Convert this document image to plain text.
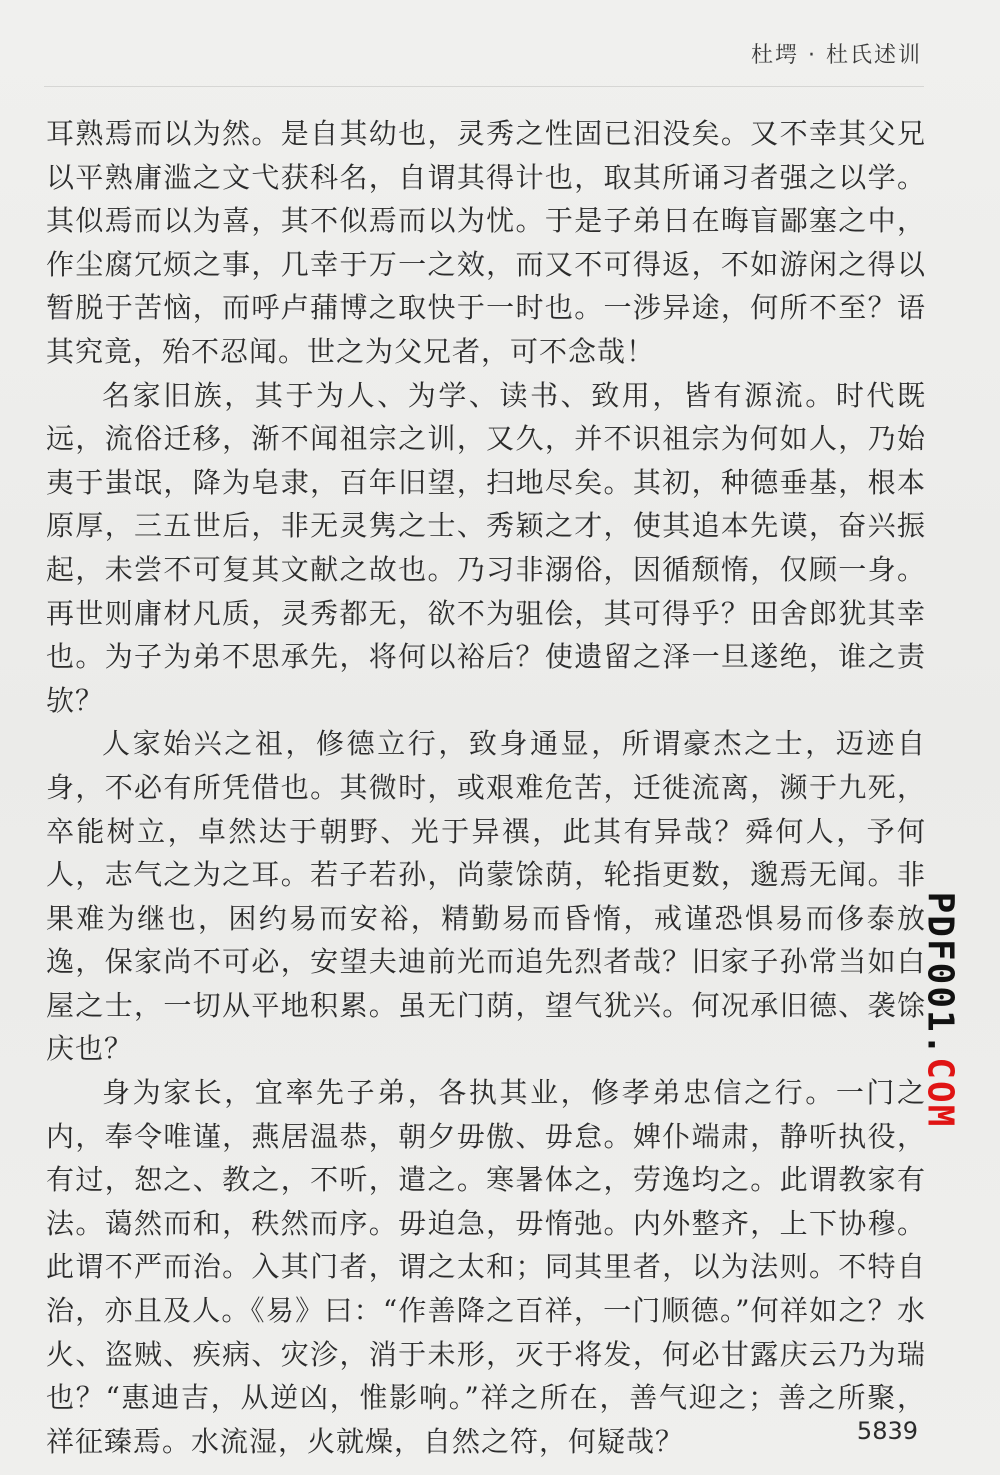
杜堮 · 杜氏述训

耳熟焉而以为然。是自其幼也，灵秀之性固已汨没矣。又不幸其父兄以平熟庸滥之文弋获科名，自谓其得计也，取其所诵习者强之以学。其似焉而以为喜，其不似焉而以为忧。于是子弟日在晦盲鄙塞之中，作尘腐冗烦之事，几幸于万一之效，而又不可得返，不如游闲之得以暂脱于苦恼，而呼卢蒱博之取快于一时也。一涉异途，何所不至？语其究竟，殆不忍闻。世之为父兄者，可不念哉！

名家旧族，其于为人、为学、读书、致用，皆有源流。时代既远，流俗迁移，渐不闻祖宗之训，又久，并不识祖宗为何如人，乃始夷于蚩氓，降为皂隶，百年旧望，扫地尽矣。其初，种德垂基，根本原厚，三五世后，非无灵隽之士、秀颖之才，使其追本先谟，奋兴振起，未尝不可复其文献之故也。乃习非溺俗，因循颓惰，仅顾一身。再世则庸材凡质，灵秀都无，欲不为驵侩，其可得乎？田舍郎犹其幸也。为子为弟不思承先，将何以裕后？使遗留之泽一旦遂绝，谁之责欤？

人家始兴之祖，修德立行，致身通显，所谓豪杰之士，迈迹自身，不必有所凭借也。其微时，或艰难危苦，迁徙流离，濒于九死，卒能树立，卓然达于朝野、光于异禩，此其有异哉？舜何人，予何人，志气之为之耳。若子若孙，尚蒙馀荫，轮指更数，邈焉无闻。非果难为继也，困约易而安裕，精勤易而昏惰，戒谨恐惧易而侈泰放逸，保家尚不可必，安望夫迪前光而追先烈者哉？旧家子孙常当如白屋之士，一切从平地积累。虽无门荫，望气犹兴。何况承旧德、袭馀庆也？

身为家长，宜率先子弟，各执其业，修孝弟忠信之行。一门之内，奉令唯谨，燕居温恭，朝夕毋傲、毋怠。婢仆端肃，静听执役，有过，恕之、教之，不听，遣之。寒暑体之，劳逸均之。此谓教家有法。蔼然而和，秩然而序。毋迫急，毋惰弛。内外整齐，上下协穆。此谓不严而治。入其门者，谓之太和；同其里者，以为法则。不特自治，亦且及人。《易》曰：“作善降之百祥，一门顺德。”何祥如之？水火、盗贼、疾病、灾沴，消于未形，灭于将发，何必甘露庆云乃为瑞也？“惠迪吉，从逆凶，惟影响。”祥之所在，善气迎之；善之所聚，祥征臻焉。水流湿，火就燥，自然之符，何疑哉？

PDF001.COM
5839
